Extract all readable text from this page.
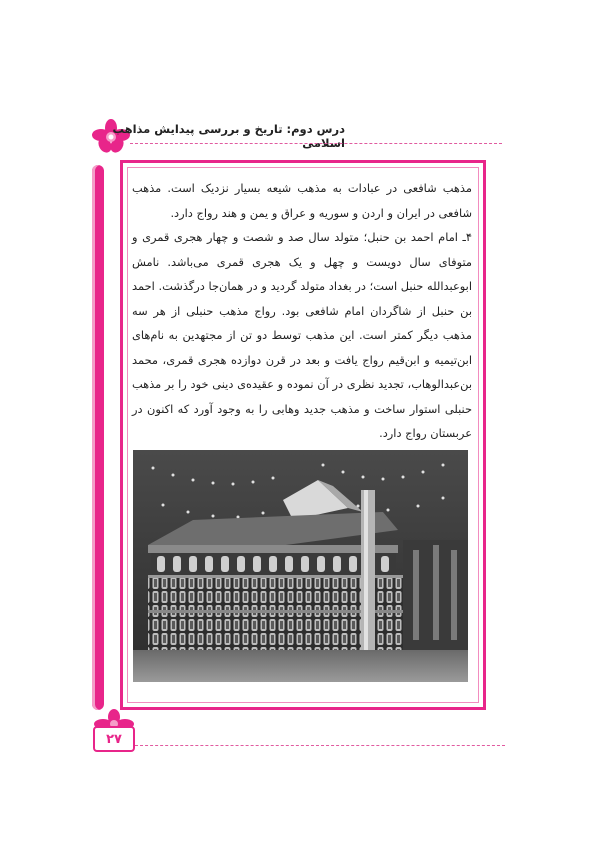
درس دوم: تاریخ و بررسی پیدایش مذاهب اسلامی

مذهب شافعی در عبادات به مذهب شیعه بسیار نزدیک است. مذهب شافعی در ایران و اردن و سوریه و عراق و یمن و هند رواج دارد.

۴ـ امام احمد بن حنبل؛ متولد سال صد و شصت و چهار هجری قمری و متوفای سال دویست و چهل و یک هجری قمری می‌باشد. نامش ابوعبدالله حنبل است؛ در بغداد متولد گردید و در همان‌جا درگذشت. احمد بن حنبل از شاگردان امام شافعی بود. رواج مذهب حنبلی از هر سه مذهب دیگر کمتر است. این مذهب توسط دو تن از مجتهدین به نام‌های ابن‌تیمیه و ابن‌قیم رواج یافت و بعد در قرن دوازده هجری قمری، محمد بن‌عبدالوهاب، تجدید نظری در آن نموده و عقیده‌ی دینی خود را بر مذهب حنبلی استوار ساخت و مذهب جدید وهابی را به وجود آورد که اکنون در عربستان رواج دارد.

۲۷
